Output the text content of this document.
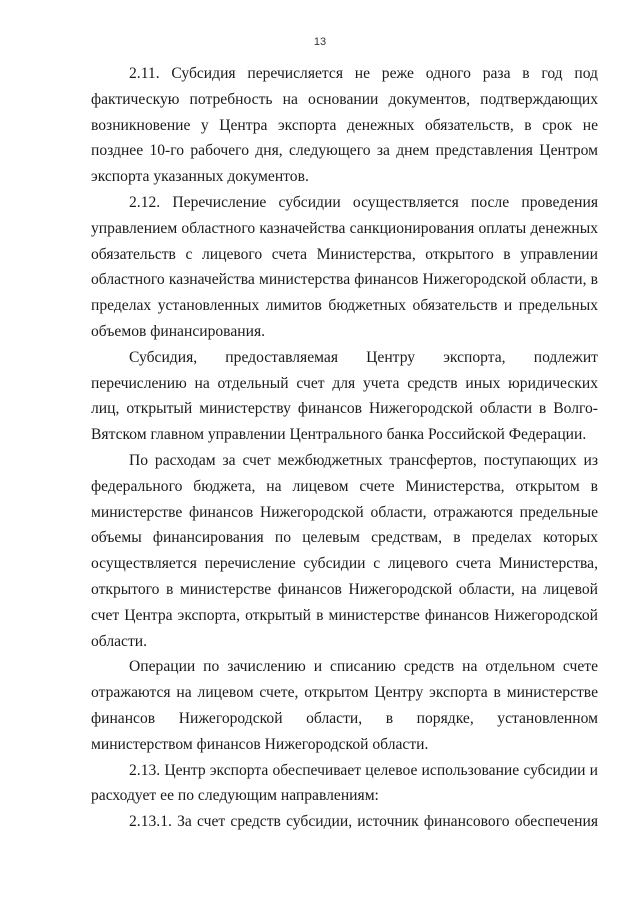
13

2.11. Субсидия перечисляется не реже одного раза в год под фактическую потребность на основании документов, подтверждающих возникновение у Центра экспорта денежных обязательств, в срок не позднее 10-го рабочего дня, следующего за днем представления Центром экспорта указанных документов.

2.12. Перечисление субсидии осуществляется после проведения управлением областного казначейства санкционирования оплаты денежных обязательств с лицевого счета Министерства, открытого в управлении областного казначейства министерства финансов Нижегородской области, в пределах установленных лимитов бюджетных обязательств и предельных объемов финансирования.

Субсидия, предоставляемая Центру экспорта, подлежит перечислению на отдельный счет для учета средств иных юридических лиц, открытый министерству финансов Нижегородской области в Волго-Вятском главном управлении Центрального банка Российской Федерации.

По расходам за счет межбюджетных трансфертов, поступающих из федерального бюджета, на лицевом счете Министерства, открытом в министерстве финансов Нижегородской области, отражаются предельные объемы финансирования по целевым средствам, в пределах которых осуществляется перечисление субсидии с лицевого счета Министерства, открытого в министерстве финансов Нижегородской области, на лицевой счет Центра экспорта, открытый в министерстве финансов Нижегородской области.

Операции по зачислению и списанию средств на отдельном счете отражаются на лицевом счете, открытом Центру экспорта в министерстве финансов Нижегородской области, в порядке, установленном министерством финансов Нижегородской области.

2.13. Центр экспорта обеспечивает целевое использование субсидии и расходует ее по следующим направлениям:

2.13.1. За счет средств субсидии, источник финансового обеспечения
